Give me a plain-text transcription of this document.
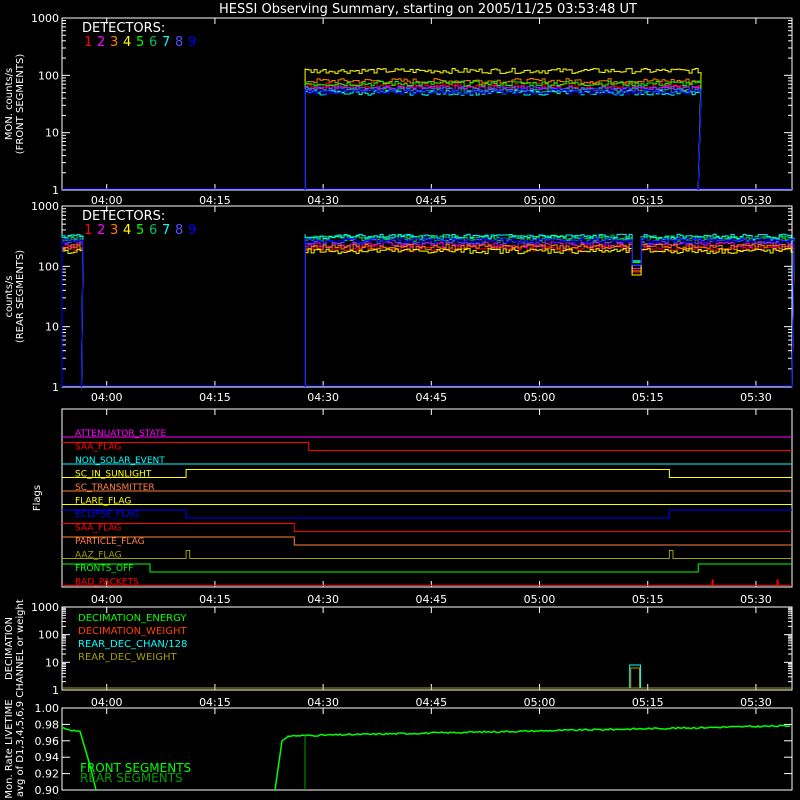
HESSI Observing Summary, starting on 2005/11/25 03:53:48 UT
1
10
100
1000
04:00	04:15	04:30	04:45	05:00	05:15	05:30
MON. counts/s (FRONT SEGMENTS)
DETECTORS:
1 2 3 4 5 6 7 8 9
1
10
100
1000
04:00	04:15	04:30	04:45	05:00	05:15	05:30
counts/s (REAR SEGMENTS)
DETECTORS:
1 2 3 4 5 6 7 8 9
04:00	04:15	04:30	04:45	05:00	05:15	05:30
Flags
ATTENUATOR_STATE
SAA_FLAG
NON_SOLAR_EVENT
SC_IN_SUNLIGHT
SC_TRANSMITTER
FLARE_FLAG
ECLIPSE_FLAG
SAA_FLAG
PARTICLE_FLAG
AAZ_FLAG
FRONTS_OFF
BAD_PACKETS
1
10
100
1000
04:00	04:15	04:30	04:45	05:00	05:15	05:30
DECIMATION CHANNEL or weight	DECIMATION_ENERGY
DECIMATION_WEIGHT
REAR_DEC_CHAN/128
REAR_DEC_WEIGHT
0.90
0.92
0.94
0.96
0.98
1.00
Mon. Rate LIVETIME avg of D1,3,4,5,6,9	FRONT SEGMENTS
REAR SEGMENTS
